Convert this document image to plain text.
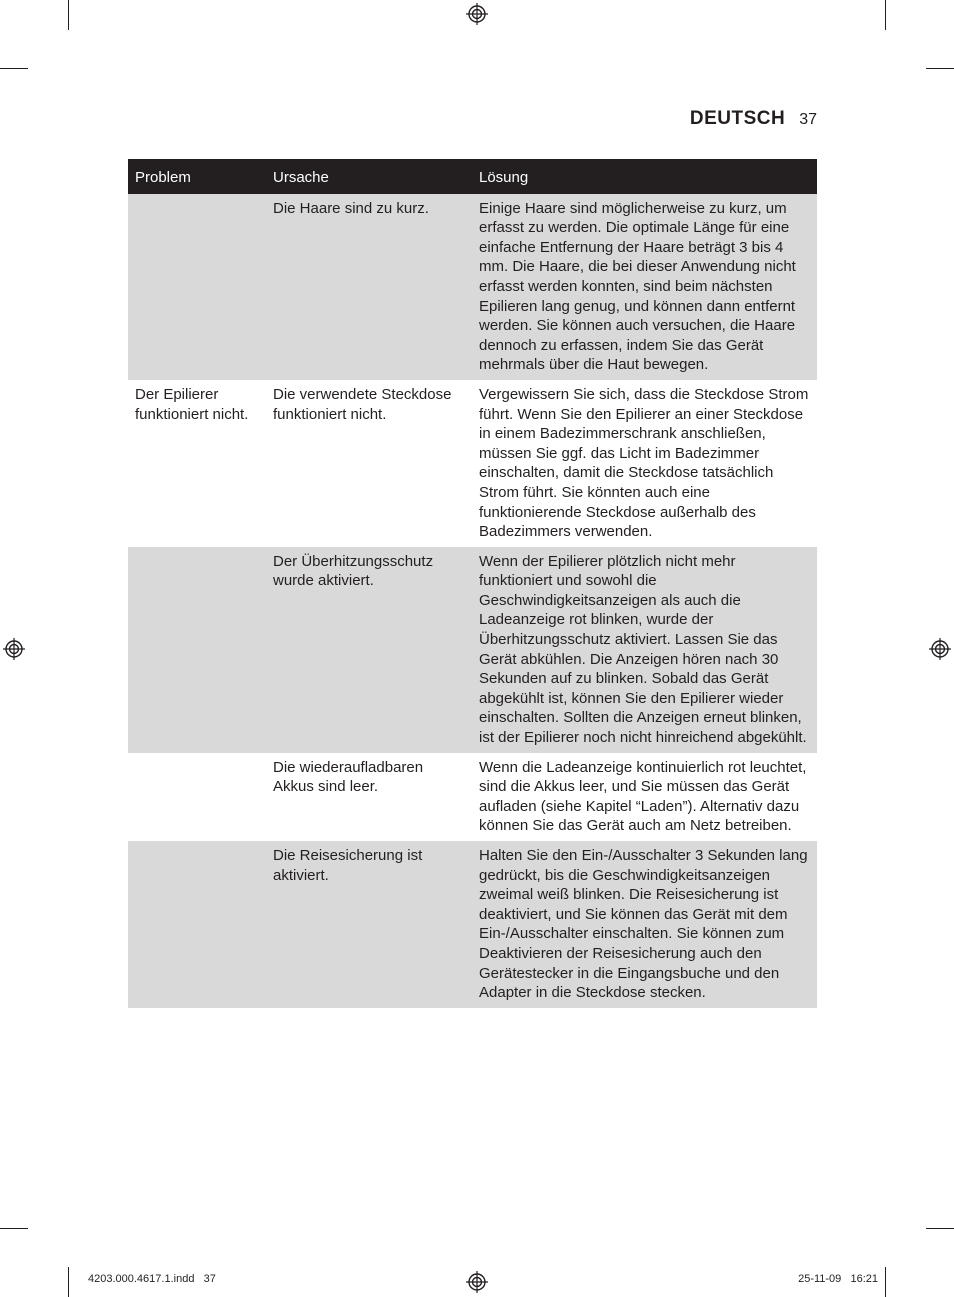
DEUTSCH 37
Problem	Ursache	Lösung
	Die Haare sind zu kurz.	Einige Haare sind möglicherweise zu kurz, um erfasst zu werden. Die optimale Länge für eine einfache Entfernung der Haare beträgt 3 bis 4 mm. Die Haare, die bei dieser Anwendung nicht erfasst werden konnten, sind beim nächsten Epilieren lang genug, und können dann entfernt werden. Sie können auch versuchen, die Haare dennoch zu erfassen, indem Sie das Gerät mehrmals über die Haut bewegen.
Der Epilierer funktioniert nicht.	Die verwendete Steckdose funktioniert nicht.	Vergewissern Sie sich, dass die Steckdose Strom führt. Wenn Sie den Epilierer an einer Steckdose in einem Badezimmerschrank anschließen, müssen Sie ggf. das Licht im Badezimmer einschalten, damit die Steckdose tatsächlich Strom führt. Sie könnten auch eine funktionierende Steckdose außerhalb des Badezimmers verwenden.
	Der Überhitzungsschutz wurde aktiviert.	Wenn der Epilierer plötzlich nicht mehr funktioniert und sowohl die Geschwindigkeitsanzeigen als auch die Ladeanzeige rot blinken, wurde der Überhitzungsschutz aktiviert. Lassen Sie das Gerät abkühlen. Die Anzeigen hören nach 30 Sekunden auf zu blinken. Sobald das Gerät abgekühlt ist, können Sie den Epilierer wieder einschalten. Sollten die Anzeigen erneut blinken, ist der Epilierer noch nicht hinreichend abgekühlt.
	Die wiederaufladbaren Akkus sind leer.	Wenn die Ladeanzeige kontinuierlich rot leuchtet, sind die Akkus leer, und Sie müssen das Gerät aufladen (siehe Kapitel “Laden”). Alternativ dazu können Sie das Gerät auch am Netz betreiben.
	Die Reisesicherung ist aktiviert.	Halten Sie den Ein-/Ausschalter 3 Sekunden lang gedrückt, bis die Geschwindigkeitsanzeigen zweimal weiß blinken. Die Reisesicherung ist deaktiviert, und Sie können das Gerät mit dem Ein-/Ausschalter einschalten. Sie können zum Deaktivieren der Reisesicherung auch den Gerätestecker in die Eingangsbuche und den Adapter in die Steckdose stecken.
4203.000.4617.1.indd   37	25-11-09   16:21
